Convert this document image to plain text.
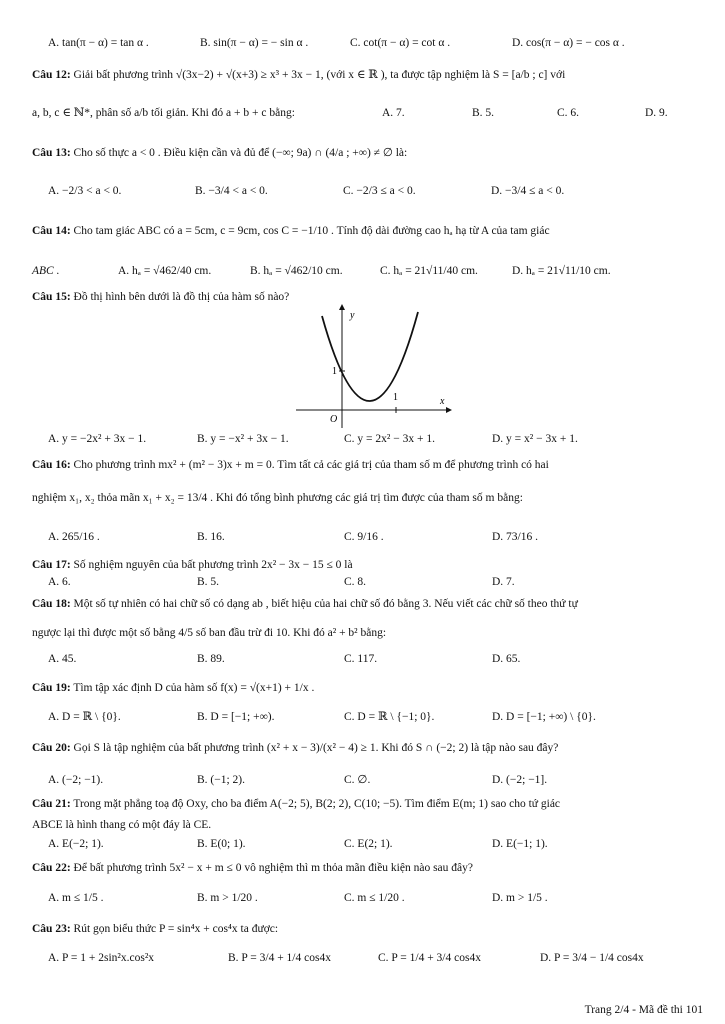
A. tan(π − α) = tan α .	B. sin(π − α) = − sin α .	C. cot(π − α) = cot α .	D. cos(π − α) = − cos α .
Câu 12: Giải bất phương trình √(3x−2) + √(x+3) ≥ x³ + 3x − 1, (với x ∈ ℝ ), ta được tập nghiệm là S = [a/b ; c] với
a, b, c ∈ ℕ*, phân số a/b tối giản. Khi đó a + b + c bằng:	A. 7.	B. 5.	C. 6.	D. 9.
Câu 13: Cho số thực a < 0 . Điều kiện cần và đủ để (−∞; 9a) ∩ (4/a ; +∞) ≠ ∅ là:
A. −2/3 < a < 0.	B. −3/4 < a < 0.	C. −2/3 ≤ a < 0.	D. −3/4 ≤ a < 0.
Câu 14: Cho tam giác ABC có a = 5cm, c = 9cm, cos C = −1/10 . Tính độ dài đường cao hₐ hạ từ A của tam giác
ABC .	A. hₐ = √462/40 cm.	B. hₐ = √462/10 cm.	C. hₐ = 21√11/40 cm.	D. hₐ = 21√11/10 cm.
Câu 15: Đồ thị hình bên dưới là đồ thị của hàm số nào?
y
x
O
1
1
A. y = −2x² + 3x − 1.	B. y = −x² + 3x − 1.	C. y = 2x² − 3x + 1.	D. y = x² − 3x + 1.
Câu 16: Cho phương trình mx² + (m² − 3)x + m = 0. Tìm tất cả các giá trị của tham số m để phương trình có hai
nghiệm x₁, x₂ thỏa mãn x₁ + x₂ = 13/4 . Khi đó tổng bình phương các giá trị tìm được của tham số m bằng:
A. 265/16 .	B. 16.	C. 9/16 .	D. 73/16 .
Câu 17: Số nghiệm nguyên của bất phương trình 2x² − 3x − 15 ≤ 0 là
A. 6.	B. 5.	C. 8.	D. 7.
Câu 18: Một số tự nhiên có hai chữ số có dạng ab , biết hiệu của hai chữ số đó bằng 3. Nếu viết các chữ số theo thứ tự
ngược lại thì được một số bằng 4/5 số ban đầu trừ đi 10. Khi đó a² + b² bằng:
A. 45.	B. 89.	C. 117.	D. 65.
Câu 19: Tìm tập xác định D của hàm số f(x) = √(x+1) + 1/x .
A. D = ℝ \ {0}.	B. D = [−1; +∞).	C. D = ℝ \ {−1; 0}.	D. D = [−1; +∞) \ {0}.
Câu 20: Gọi S là tập nghiệm của bất phương trình (x² + x − 3)/(x² − 4) ≥ 1. Khi đó S ∩ (−2; 2) là tập nào sau đây?
A. (−2; −1).	B. (−1; 2).	C. ∅.	D. (−2; −1].
Câu 21: Trong mặt phẳng toạ độ Oxy, cho ba điểm A(−2; 5), B(2; 2), C(10; −5). Tìm điểm E(m; 1) sao cho tứ giác
ABCE là hình thang có một đáy là CE.
A. E(−2; 1).	B. E(0; 1).	C. E(2; 1).	D. E(−1; 1).
Câu 22: Để bất phương trình 5x² − x + m ≤ 0 vô nghiệm thì m thỏa mãn điều kiện nào sau đây?
A. m ≤ 1/5 .	B. m > 1/20 .	C. m ≤ 1/20 .	D. m > 1/5 .
Câu 23: Rút gọn biểu thức P = sin⁴x + cos⁴x ta được:
A. P = 1 + 2sin²x.cos²x	B. P = 3/4 + 1/4 cos4x	C. P = 1/4 + 3/4 cos4x	D. P = 3/4 − 1/4 cos4x
Trang 2/4 - Mã đề thi 101
